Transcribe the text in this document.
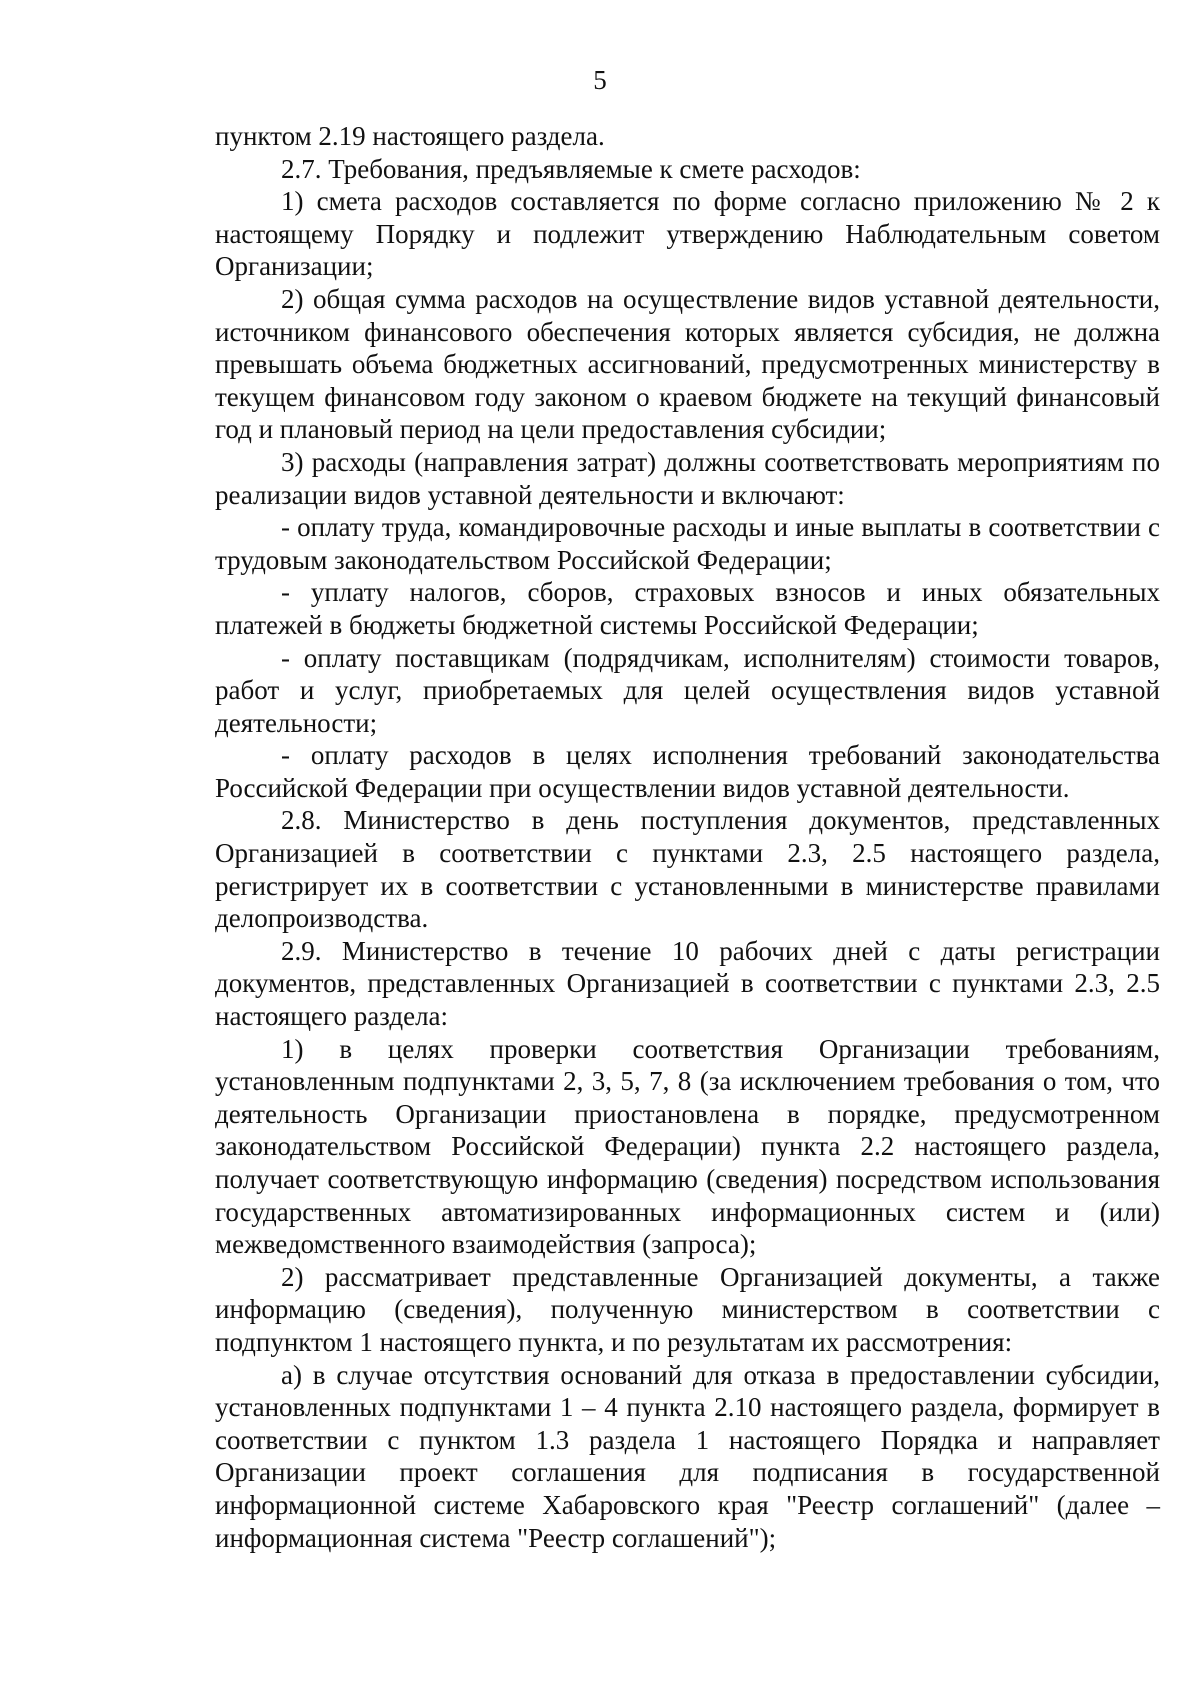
5

пунктом 2.19 настоящего раздела.

2.7. Требования, предъявляемые к смете расходов:

1) смета расходов составляется по форме согласно приложению № 2 к настоящему Порядку и подлежит утверждению Наблюдательным советом Организации;

2) общая сумма расходов на осуществление видов уставной деятельности, источником финансового обеспечения которых является субсидия, не должна превышать объема бюджетных ассигнований, предусмотренных министерству в текущем финансовом году законом о краевом бюджете на текущий финансовый год и плановый период на цели предоставления субсидии;

3) расходы (направления затрат) должны соответствовать мероприятиям по реализации видов уставной деятельности и включают:

- оплату труда, командировочные расходы и иные выплаты в соответствии с трудовым законодательством Российской Федерации;

- уплату налогов, сборов, страховых взносов и иных обязательных платежей в бюджеты бюджетной системы Российской Федерации;

- оплату поставщикам (подрядчикам, исполнителям) стоимости товаров, работ и услуг, приобретаемых для целей осуществления видов уставной деятельности;

- оплату расходов в целях исполнения требований законодательства Российской Федерации при осуществлении видов уставной деятельности.

2.8. Министерство в день поступления документов, представленных Организацией в соответствии с пунктами 2.3, 2.5 настоящего раздела, регистрирует их в соответствии с установленными в министерстве правилами делопроизводства.

2.9. Министерство в течение 10 рабочих дней с даты регистрации документов, представленных Организацией в соответствии с пунктами 2.3, 2.5 настоящего раздела:

1) в целях проверки соответствия Организации требованиям, установленным подпунктами 2, 3, 5, 7, 8 (за исключением требования о том, что деятельность Организации приостановлена в порядке, предусмотренном законодательством Российской Федерации) пункта 2.2 настоящего раздела, получает соответствующую информацию (сведения) посредством использования государственных автоматизированных информационных систем и (или) межведомственного взаимодействия (запроса);

2) рассматривает представленные Организацией документы, а также информацию (сведения), полученную министерством в соответствии с подпунктом 1 настоящего пункта, и по результатам их рассмотрения:

а) в случае отсутствия оснований для отказа в предоставлении субсидии, установленных подпунктами 1 – 4 пункта 2.10 настоящего раздела, формирует в соответствии с пунктом 1.3 раздела 1 настоящего Порядка и направляет Организации проект соглашения для подписания в государственной информационной системе Хабаровского края "Реестр соглашений" (далее – информационная система "Реестр соглашений");
